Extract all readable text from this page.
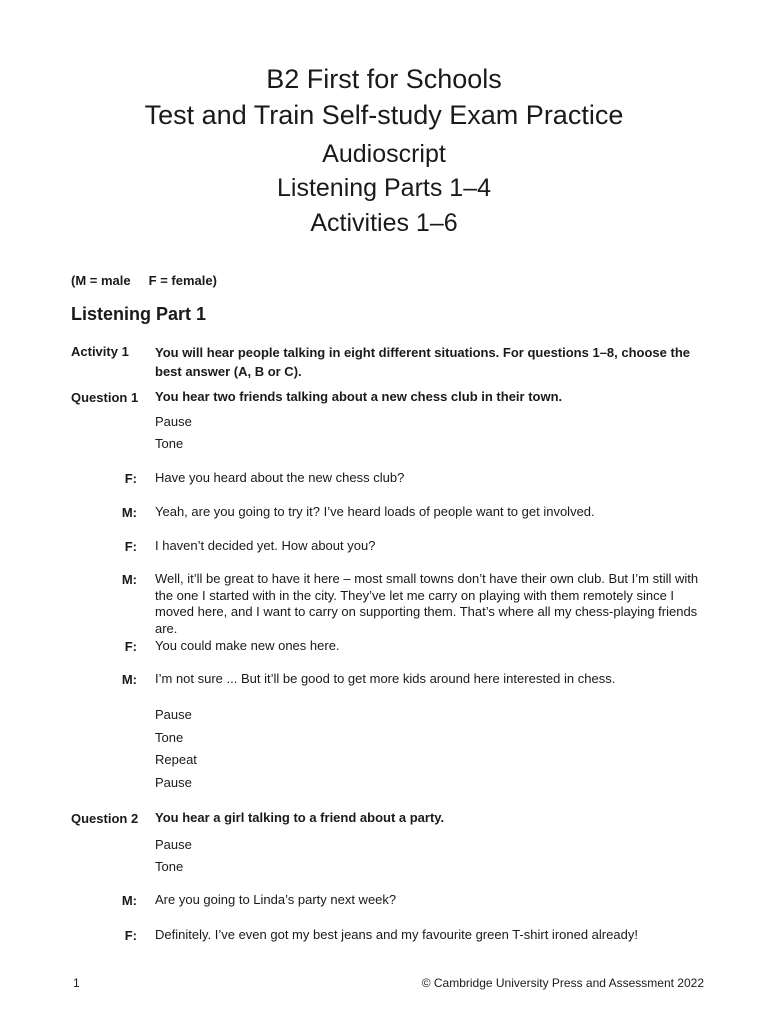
B2 First for Schools
Test and Train Self-study Exam Practice
Audioscript
Listening Parts 1–4
Activities 1–6
(M = male     F = female)
Listening Part 1
Activity 1 You will hear people talking in eight different situations. For questions 1–8, choose the best answer (A, B or C).
Question 1 You hear two friends talking about a new chess club in their town.
Pause
Tone
F: Have you heard about the new chess club?
M: Yeah, are you going to try it? I’ve heard loads of people want to get involved.
F: I haven’t decided yet. How about you?
M: Well, it’ll be great to have it here – most small towns don’t have their own club. But I’m still with the one I started with in the city. They’ve let me carry on playing with them remotely since I moved here, and I want to carry on supporting them. That’s where all my chess-playing friends are.
F: You could make new ones here.
M: I’m not sure ... But it’ll be good to get more kids around here interested in chess.
Pause
Tone
Repeat
Pause
Question 2 You hear a girl talking to a friend about a party.
Pause
Tone
M: Are you going to Linda’s party next week?
F: Definitely. I’ve even got my best jeans and my favourite green T-shirt ironed already!
1	© Cambridge University Press and Assessment 2022
